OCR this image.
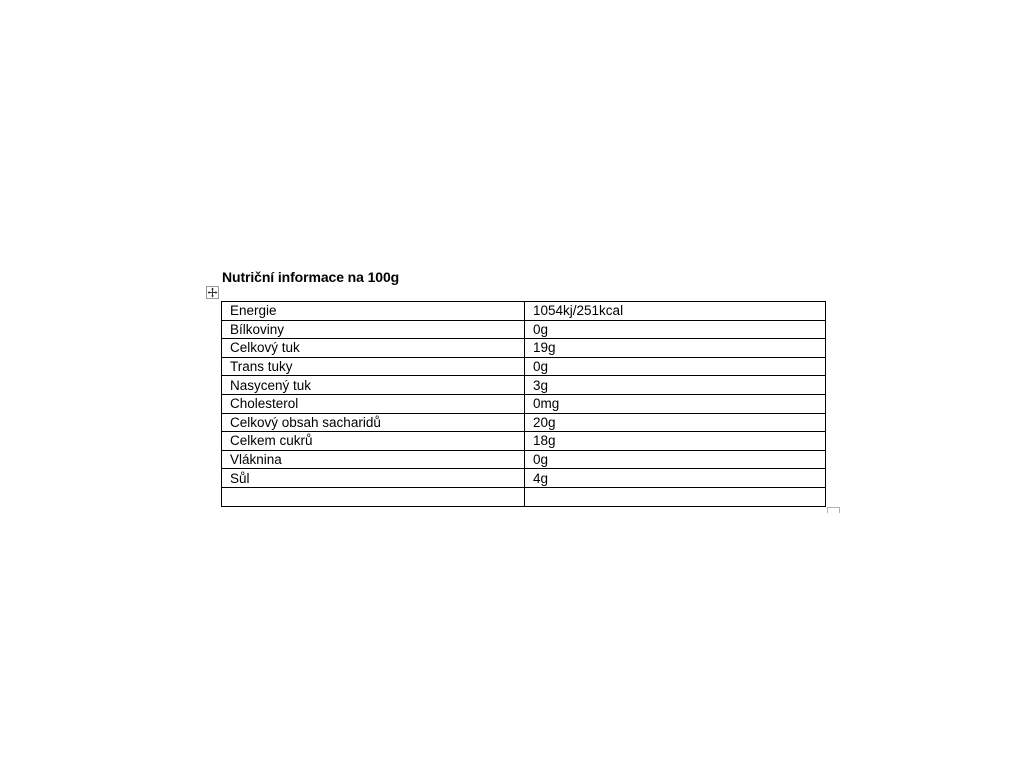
Nutriční informace na 100g
Energie	1054kj/251kcal
Bílkoviny	0g
Celkový tuk	19g
Trans tuky	0g
Nasycený tuk	3g
Cholesterol	0mg
Celkový obsah sacharidů	20g
Celkem cukrů	18g
Vláknina	0g
Sůl	4g
